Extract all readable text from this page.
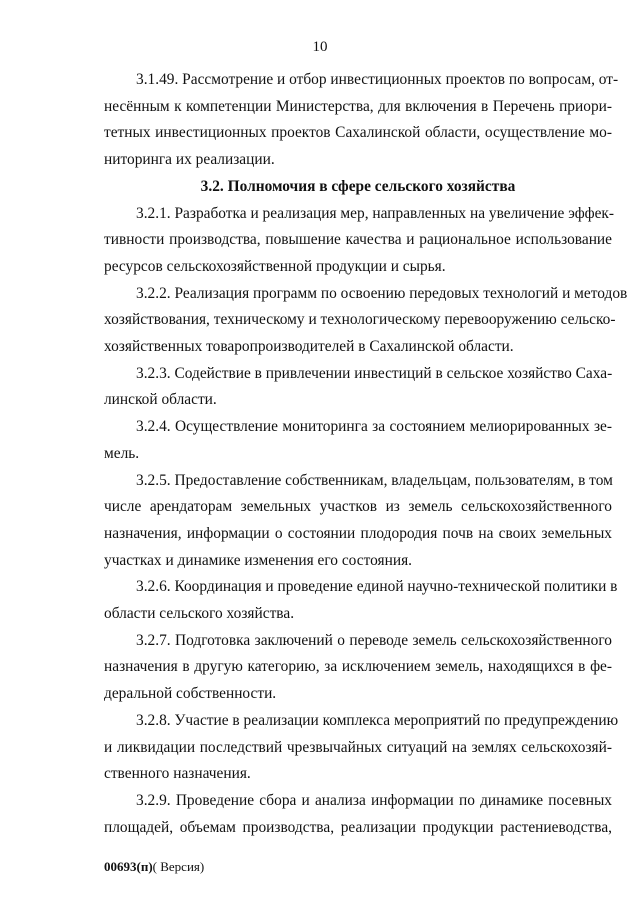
10

3.1.49. Рассмотрение и отбор инвестиционных проектов по вопросам, от-
несённым к компетенции Министерства, для включения в Перечень приори-
тетных инвестиционных проектов Сахалинской области, осуществление мо-
ниторинга их реализации.

3.2. Полномочия в сфере сельского хозяйства

3.2.1. Разработка и реализация мер, направленных на увеличение эффек-
тивности производства, повышение качества и рациональное использование
ресурсов сельскохозяйственной продукции и сырья.

3.2.2. Реализация программ по освоению передовых технологий и методов
хозяйствования, техническому и технологическому перевооружению сельско-
хозяйственных товаропроизводителей в Сахалинской области.

3.2.3. Содействие в привлечении инвестиций в сельское хозяйство Саха-
линской области.

3.2.4. Осуществление мониторинга за состоянием мелиорированных зе-
мель.

3.2.5. Предоставление собственникам, владельцам, пользователям, в том
числе арендаторам земельных участков из земель сельскохозяйственного
назначения, информации о состоянии плодородия почв на своих земельных
участках и динамике изменения его состояния.

3.2.6. Координация и проведение единой научно-технической политики в
области сельского хозяйства.

3.2.7. Подготовка заключений о переводе земель сельскохозяйственного
назначения в другую категорию, за исключением земель, находящихся в фе-
деральной собственности.

3.2.8. Участие в реализации комплекса мероприятий по предупреждению
и ликвидации последствий чрезвычайных ситуаций на землях сельскохозяй-
ственного назначения.

3.2.9. Проведение сбора и анализа информации по динамике посевных
площадей, объемам производства, реализации продукции растениеводства,

00693(п)( Версия)
